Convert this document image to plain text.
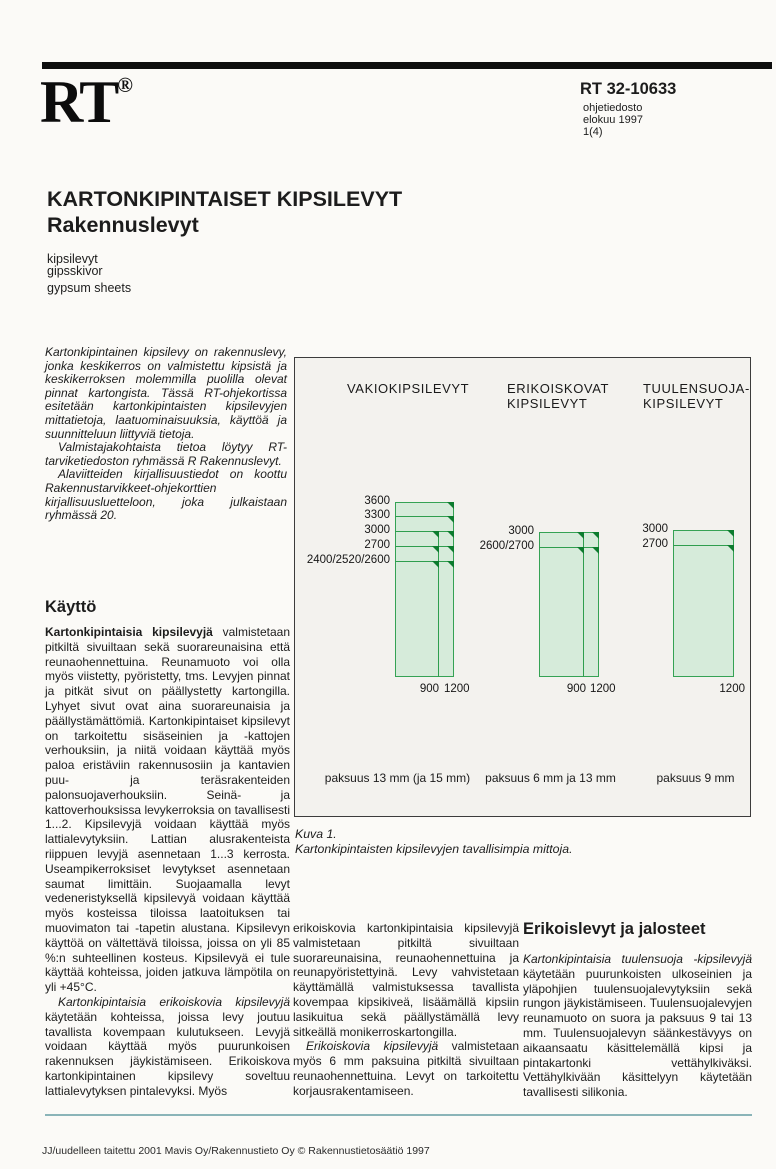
RT®	RT 32-10633
ohjetiedosto
elokuu 1997
1(4)
KARTONKIPINTAISET KIPSILEVYT
Rakennuslevyt
kipsilevyt
gipsskivor
gypsum sheets

Kartonkipintainen kipsilevy on rakennuslevy, jonka keskikerros on valmistettu kipsistä ja keskikerroksen molemmilla puolilla olevat pinnat kartongista. Tässä RT-ohjekortissa esitetään kartonkipintaisten kipsilevyjen mittatietoja, laatuominaisuuksia, käyttöä ja suunnitteluun liittyviä tietoja.

Valmistajakohtaista tietoa löytyy RT-tarviketiedoston ryhmässä R Rakennuslevyt.

Alaviitteiden kirjallisuustiedot on koottu Rakennustarvikkeet-ohjekorttien kirjallisuusluetteloon, joka julkaistaan ryhmässä 20.

VAKIOKIPSILEVYT	ERIKOISKOVAT
KIPSILEVYT
TUULENSUOJA-
KIPSILEVYT
3600
3300
3000
2700
2400/2520/2600
900 1200
3000
2600/2700
900 1200
3000
2700
1200
paksuus 13 mm (ja 15 mm)	paksuus 6 mm ja 13 mm	paksuus 9 mm
Kuva 1.
Kartonkipintaisten kipsilevyjen tavallisimpia mittoja.
Käyttö

Kartonkipintaisia kipsilevyjä valmistetaan pitkiltä sivuiltaan sekä suorareunaisina että reunaohennettuina. Reunamuoto voi olla myös viistetty, pyöristetty, tms. Levyjen pinnat ja pitkät sivut on päällystetty kartongilla. Lyhyet sivut ovat aina suorareunaisia ja päällystämättömiä. Kartonkipintaiset kipsilevyt on tarkoitettu sisäseinien ja -kattojen verhouksiin, ja niitä voidaan käyttää myös paloa eristäviin rakennusosiin ja kantavien puu- ja teräsrakenteiden palonsuojaverhouksiin. Seinä- ja kattoverhouksissa levykerroksia on tavallisesti 1...2. Kipsilevyjä voidaan käyttää myös lattialevytyksiin. Lattian alusrakenteista riippuen levyjä asennetaan 1...3 kerrosta. Useampikerroksiset levytykset asennetaan saumat limittäin. Suojaamalla levyt vedeneristyksellä kipsilevyä voidaan käyttää myös kosteissa tiloissa laatoituksen tai muovimaton tai -tapetin alustana. Kipsilevyn käyttöä on vältettävä tiloissa, joissa on yli 85 %:n suhteellinen kosteus. Kipsilevyä ei tule käyttää kohteissa, joiden jatkuva lämpötila on yli +45°C.

Kartonkipintaisia erikoiskovia kipsilevyjä käytetään kohteissa, joissa levy joutuu tavallista kovempaan kulutukseen. Levyjä voidaan käyttää myös puurunkoisen rakennuksen jäykistämiseen. Erikoiskova kartonkipintainen kipsilevy soveltuu lattialevytyksen pintalevyksi. Myös

erikoiskovia kartonkipintaisia kipsilevyjä valmistetaan pitkiltä sivuiltaan suorareunaisina, reunaohennettuina ja reunapyöristettyinä. Levy vahvistetaan käyttämällä valmistuksessa tavallista kovempaa kipsikiveä, lisäämällä kipsiin lasikuitua sekä päällystämällä levy sitkeällä monikerroskartongilla.

Erikoiskovia kipsilevyjä valmistetaan myös 6 mm paksuina pitkiltä sivuiltaan reunaohennettuina. Levyt on tarkoitettu korjausrakentamiseen.

Erikoislevyt ja jalosteet

Kartonkipintaisia tuulensuoja -kipsilevyjä käytetään puurunkoisten ulkoseinien ja yläpohjien tuulensuojalevytyksiin sekä rungon jäykistämiseen. Tuulensuojalevyjen reunamuoto on suora ja paksuus 9 tai 13 mm. Tuulensuojalevyn säänkestävyys on aikaansaatu käsittelemällä kipsi ja pintakartonki vettähylkiväksi. Vettähylkivään käsittelyyn käytetään tavallisesti silikonia.

JJ/uudelleen taitettu 2001 Mavis Oy/Rakennustieto Oy © Rakennustietosäätiö 1997
